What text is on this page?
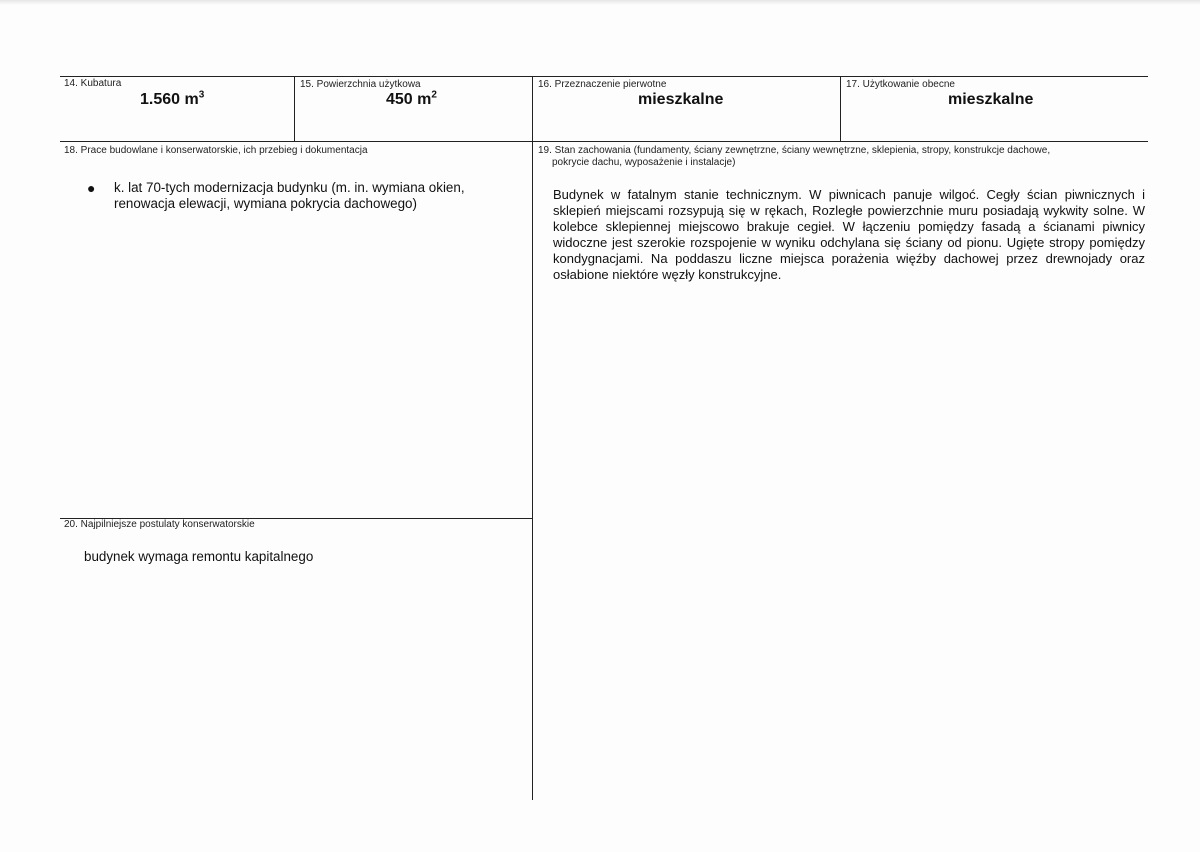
14. Kubatura
1.560 $m^3$
15. Powierzchnia użytkowa
450 $m^2$
16. Przeznaczenie pierwotne
mieszkalne
17. Użytkowanie obecne
mieszkalne
18. Prace budowlane i konserwatorskie, ich przebieg i dokumentacja
● k. lat 70-tych modernizacja budynku (m. in. wymiana okien, renowacja elewacji, wymiana pokrycia dachowego)
19. Stan zachowania (fundamenty, ściany zewnętrzne, ściany wewnętrzne, sklepienia, stropy, konstrukcje dachowe,
pokrycie dachu, wyposażenie i instalacje)
Budynek w fatalnym stanie technicznym. W piwnicach panuje wilgoć. Cegły ścian piwnicznych i sklepień miejscami rozsypują się w rękach, Rozległe powierzchnie muru posiadają wykwity solne. W kolebce sklepiennej miejscowo brakuje cegieł. W łączeniu pomiędzy fasadą a ścianami piwnicy widoczne jest szerokie rozspojenie w wyniku odchylana się ściany od pionu. Ugięte stropy pomiędzy kondygnacjami. Na poddaszu liczne miejsca porażenia więźby dachowej przez drewnojady oraz osłabione niektóre węzły konstrukcyjne.
20. Najpilniejsze postulaty konserwatorskie
budynek wymaga remontu kapitalnego
